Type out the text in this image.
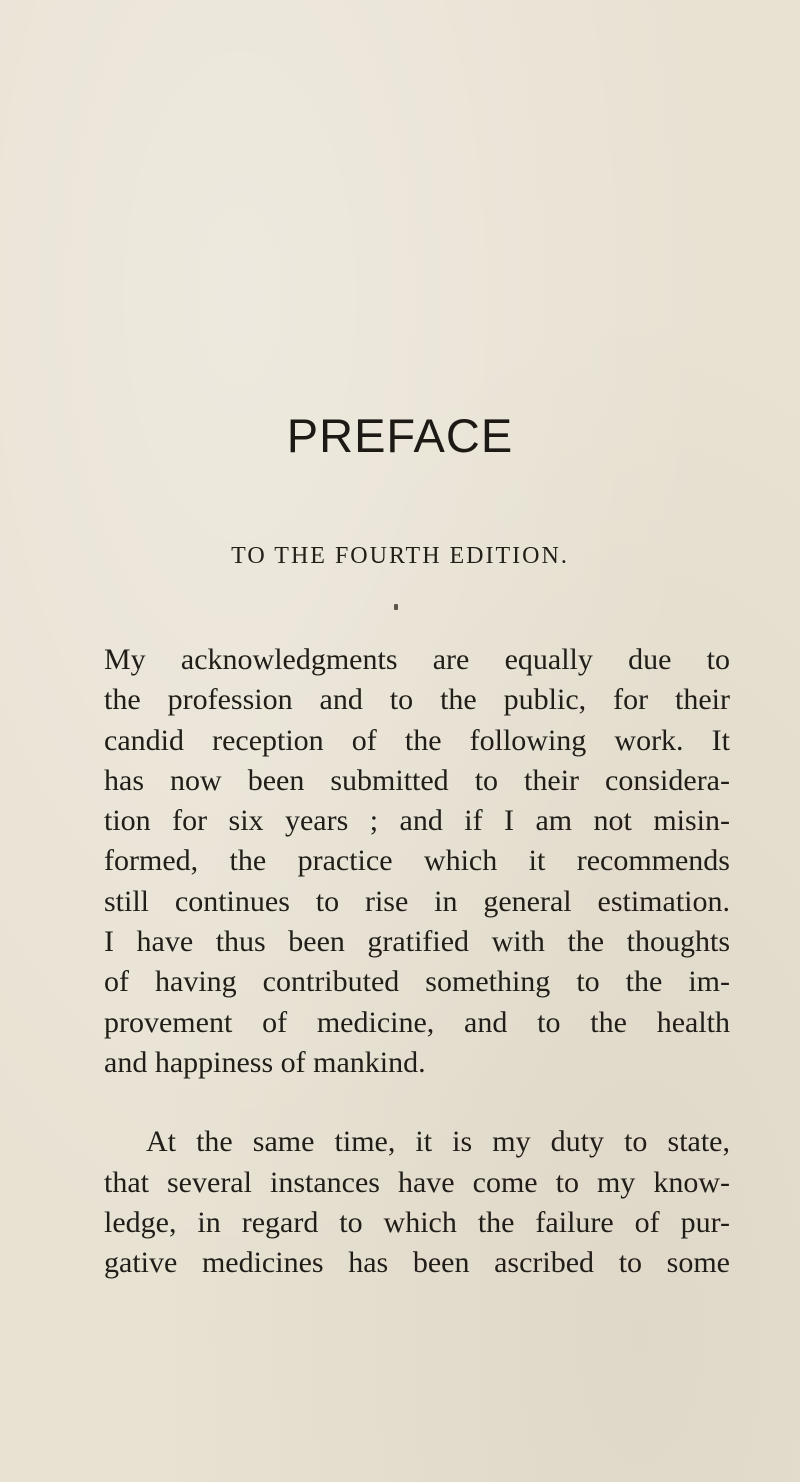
PREFACE
TO THE FOURTH EDITION.

My acknowledgments are equally due to
the profession and to the public, for their
candid reception of the following work. It
has now been submitted to their considera-
tion for six years ; and if I am not misin-
formed, the practice which it recommends
still continues to rise in general estimation.
I have thus been gratified with the thoughts
of having contributed something to the im-
provement of medicine, and to the health
and happiness of mankind.

At the same time, it is my duty to state,
that several instances have come to my know-
ledge, in regard to which the failure of pur-
gative medicines has been ascribed to some
